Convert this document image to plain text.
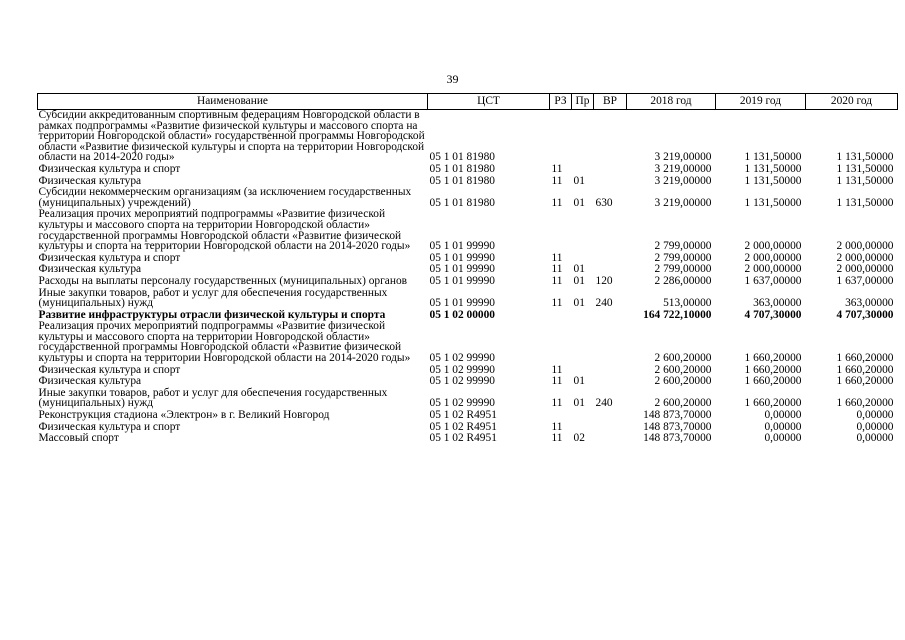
39
Наименование	ЦСТ	РЗ	Пр	ВР	2018 год	2019 год	2020 год
Субсидии аккредитованным спортивным федерациям Новгородской области в рамках подпрограммы «Развитие физической культуры и массового спорта на территории Новгородской области» государственной программы Новгородской области «Развитие физической культуры и спорта на территории Новгородской области на 2014-2020 годы»	05 1 01 81980				3 219,00000	1 131,50000	1 131,50000
Физическая культура и спорт	05 1 01 81980	11			3 219,00000	1 131,50000	1 131,50000
Физическая культура	05 1 01 81980	11	01		3 219,00000	1 131,50000	1 131,50000
Субсидии некоммерческим организациям (за исключением государственных (муниципальных) учреждений)	05 1 01 81980	11	01	630	3 219,00000	1 131,50000	1 131,50000
Реализация прочих мероприятий подпрограммы «Развитие физической культуры и массового спорта на территории Новгородской области» государственной программы Новгородской области «Развитие физической культуры и спорта на территории Новгородской области на 2014-2020 годы»	05 1 01 99990				2 799,00000	2 000,00000	2 000,00000
Физическая культура и спорт	05 1 01 99990	11			2 799,00000	2 000,00000	2 000,00000
Физическая культура	05 1 01 99990	11	01		2 799,00000	2 000,00000	2 000,00000
Расходы на выплаты персоналу государственных (муниципальных) органов	05 1 01 99990	11	01	120	2 286,00000	1 637,00000	1 637,00000
Иные закупки товаров, работ и услуг для обеспечения государственных (муниципальных) нужд	05 1 01 99990	11	01	240	513,00000	363,00000	363,00000
Развитие инфраструктуры отрасли физической культуры и спорта	05 1 02 00000				164 722,10000	4 707,30000	4 707,30000
Реализация прочих мероприятий подпрограммы «Развитие физической культуры и массового спорта на территории Новгородской области» государственной программы Новгородской области «Развитие физической культуры и спорта на территории Новгородской области на 2014-2020 годы»	05 1 02 99990				2 600,20000	1 660,20000	1 660,20000
Физическая культура и спорт	05 1 02 99990	11			2 600,20000	1 660,20000	1 660,20000
Физическая культура	05 1 02 99990	11	01		2 600,20000	1 660,20000	1 660,20000
Иные закупки товаров, работ и услуг для обеспечения государственных (муниципальных) нужд	05 1 02 99990	11	01	240	2 600,20000	1 660,20000	1 660,20000
Реконструкция стадиона «Электрон» в г. Великий Новгород	05 1 02 R4951				148 873,70000	0,00000	0,00000
Физическая культура и спорт	05 1 02 R4951	11			148 873,70000	0,00000	0,00000
Массовый спорт	05 1 02 R4951	11	02		148 873,70000	0,00000	0,00000
